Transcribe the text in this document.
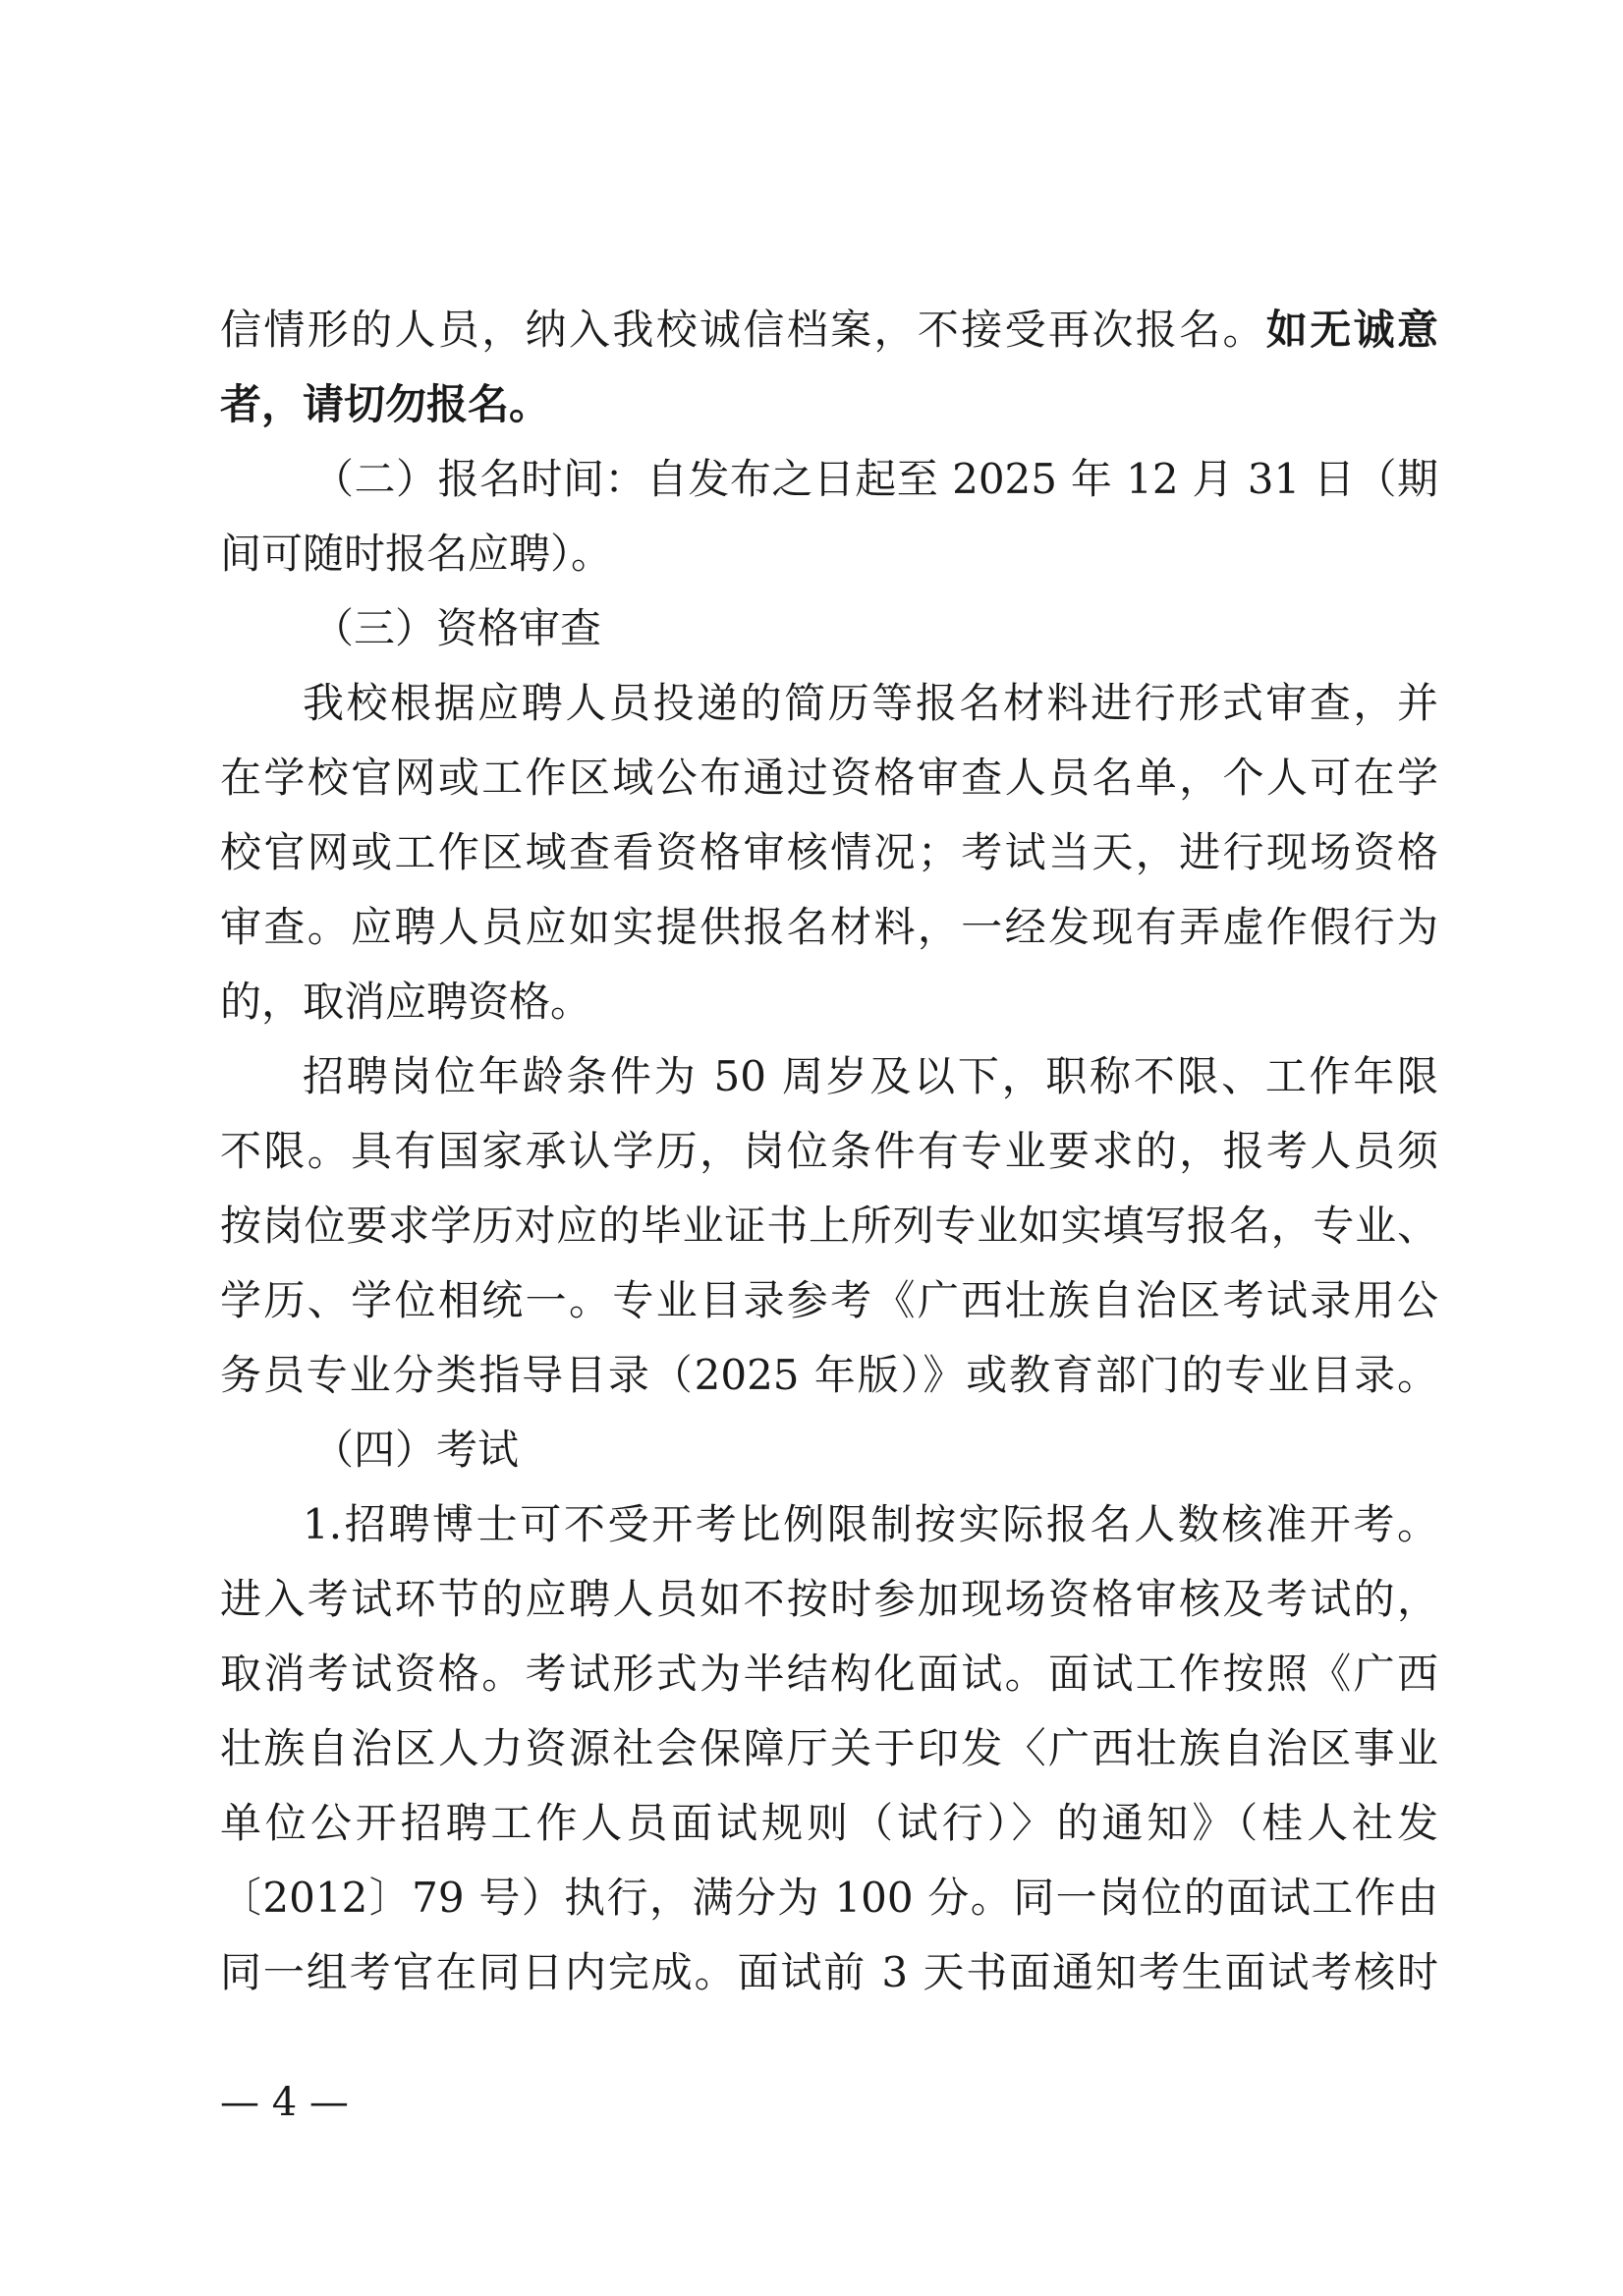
信情形的人员，纳入我校诚信档案，不接受再次报名。如无诚意
者，请切勿报名。
（二）报名时间：自发布之日起至 2025 年 12 月 31 日（期
间可随时报名应聘）。
（三）资格审查
我校根据应聘人员投递的简历等报名材料进行形式审查，并
在学校官网或工作区域公布通过资格审查人员名单，个人可在学
校官网或工作区域查看资格审核情况；考试当天，进行现场资格
审查。应聘人员应如实提供报名材料，一经发现有弄虚作假行为
的，取消应聘资格。
招聘岗位年龄条件为 50 周岁及以下，职称不限、工作年限
不限。具有国家承认学历，岗位条件有专业要求的，报考人员须
按岗位要求学历对应的毕业证书上所列专业如实填写报名，专业、
学历、学位相统一。专业目录参考《广西壮族自治区考试录用公
务员专业分类指导目录（2025 年版）》或教育部门的专业目录。
（四）考试
1.招聘博士可不受开考比例限制按实际报名人数核准开考。
进入考试环节的应聘人员如不按时参加现场资格审核及考试的，
取消考试资格。考试形式为半结构化面试。面试工作按照《广西
壮族自治区人力资源社会保障厅关于印发〈广西壮族自治区事业
单位公开招聘工作人员面试规则（试行）〉的通知》（桂人社发
〔2012〕79 号）执行，满分为 100 分。同一岗位的面试工作由
同一组考官在同日内完成。面试前 3 天书面通知考生面试考核时
— 4 —
